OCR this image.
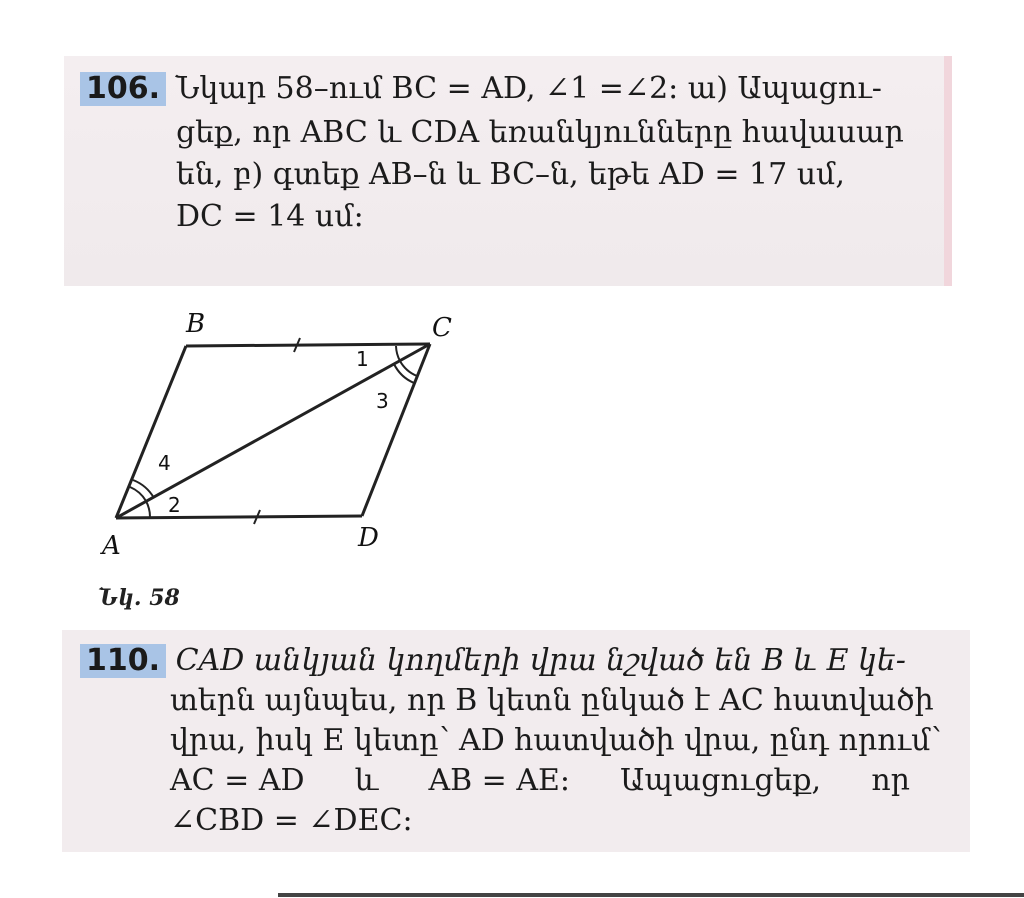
106. Նկար 58–ում BC = AD, ∠1 =∠2: ա) Ապացու-
ցեք, որ ABC և CDA եռանկյունները հավասար
են, բ) գտեք AB–ն և BC–ն, եթե AD = 17 սմ,
DC = 14 սմ:
B	C
D
A
1
3
4
2
Նկ. 58
110. CAD անկյան կողմերի վրա նշված են B և E կե-
տերն այնպես, որ B կետն ընկած է AC հատվածի
վրա, իսկ E կետը՝ AD հատվածի վրա, ընդ որում՝
AC = AD և AB = AE: Ապացուցեք, որ
∠CBD = ∠DEC:
